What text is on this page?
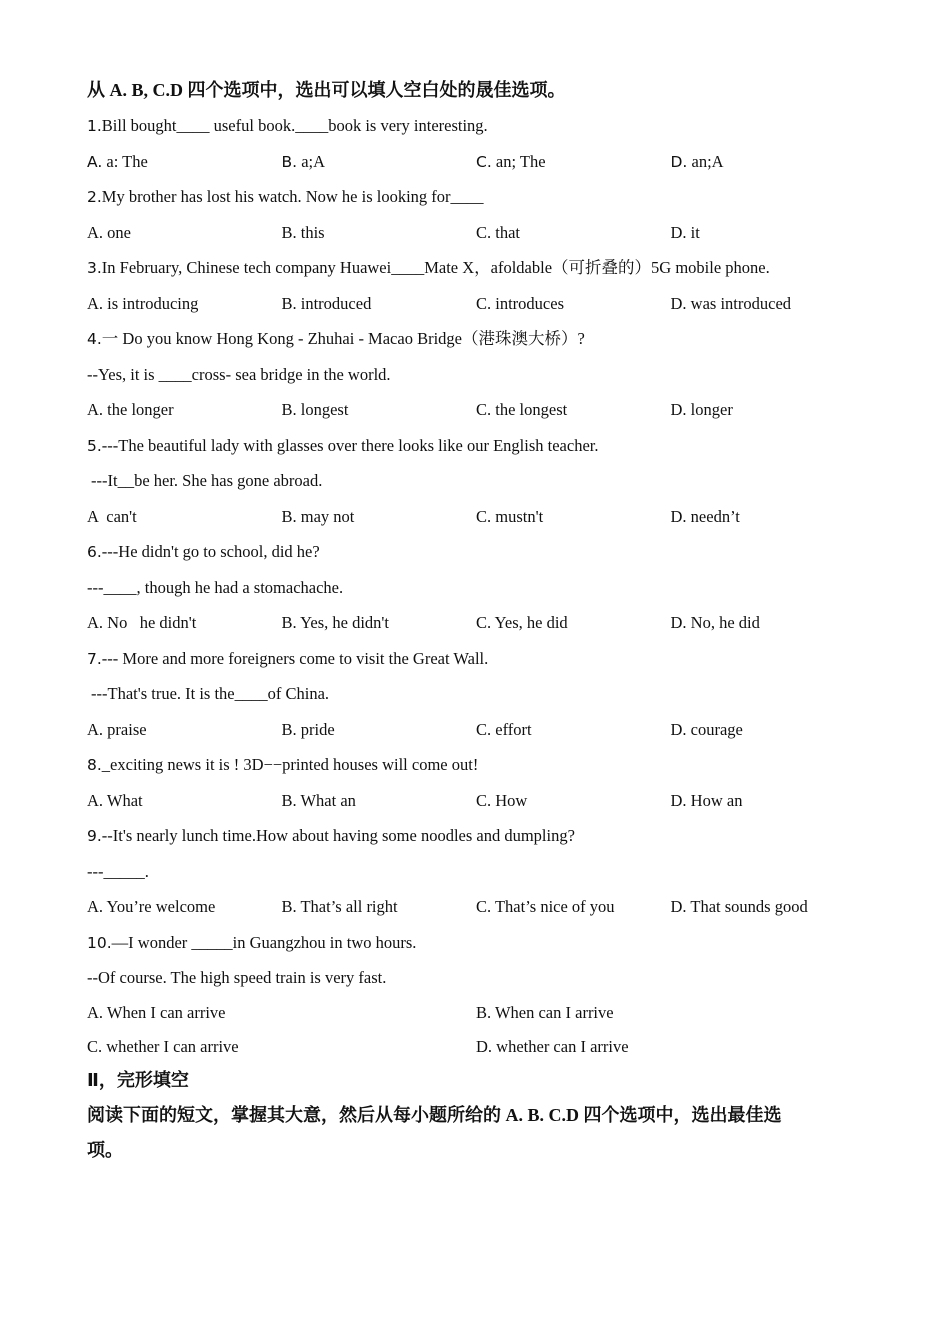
从 A. B, C.D 四个选项中，选出可以填人空白处的晟佳选项。
1.Bill bought____ useful book.____book is very interesting.
A. a: The	B. a;A	C. an; The	D. an;A
2.My brother has lost his watch. Now he is looking for____
A. one	B. this	C. that	D. it
3.In February, Chinese tech company Huawei____Mate X，afoldable（可折叠的）5G mobile phone.
A. is introducing	B. introduced	C. introduces	D. was introduced
4.一 Do you know Hong Kong - Zhuhai - Macao Bridge（港珠澳大桥）?
--Yes, it is ____cross- sea bridge in the world.
A. the longer	B. longest	C. the longest	D. longer
5.---The beautiful lady with glasses over there looks like our English teacher.
---It__be her. She has gone abroad.
A  can't	B. may not	C. mustn't	D. needn’t
6.---He didn't go to school, did he?
---____, though he had a stomachache.
A. No   he didn't	B. Yes, he didn't	C. Yes, he did	D. No, he did
7.--- More and more foreigners come to visit the Great Wall.
---That's true. It is the____of China.
A. praise	B. pride	C. effort	D. courage
8._exciting news it is ! 3D−−printed houses will come out!
A. What	B. What an	C. How	D. How an
9.--It's nearly lunch time.How about having some noodles and dumpling?
---_____.
A. You’re welcome	B. That’s all right	C. That’s nice of you	D. That sounds good
10.—I wonder _____in Guangzhou in two hours.
--Of course. The high speed train is very fast.
A. When I can arrive	B. When can I arrive
C. whether I can arrive	D. whether can I arrive
Ⅱ，完形填空
阅读下面的短文，掌握其大意，然后从每小题所给的 A. B. C.D 四个选项中，选出最佳选项。
